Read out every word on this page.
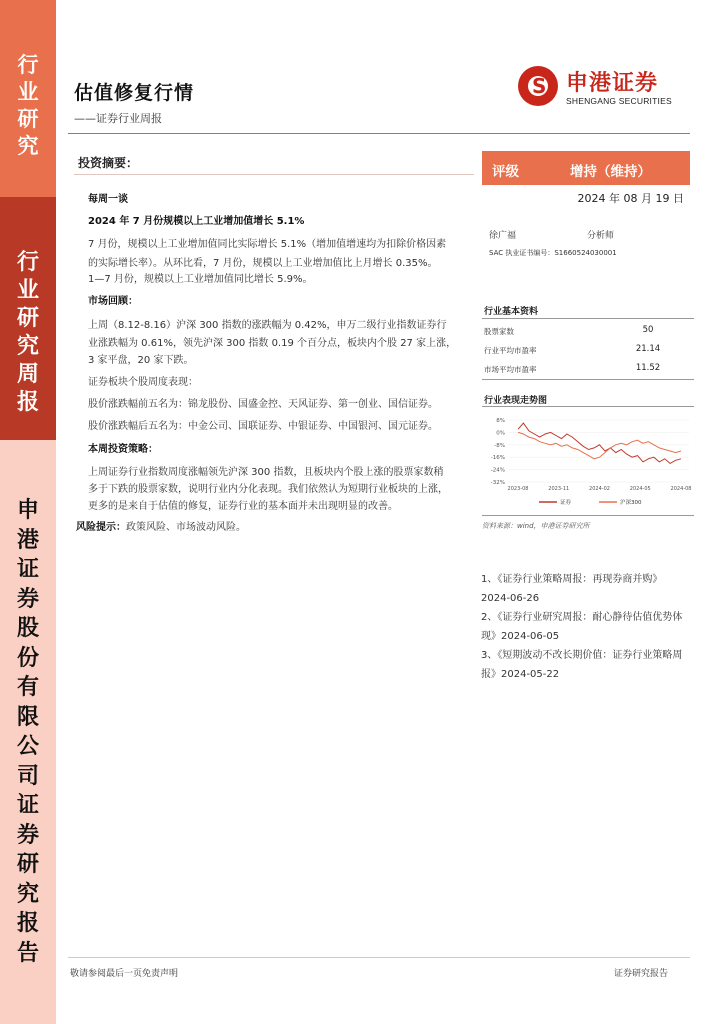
行
业
研
究
行
业
研
究
周
报
申
港
证
券
股
份
有
限
公
司
证
券
研
究
报
告
估值修复行情
——证券行业周报
S 申港证券
SHENGANG SECURITIES
投资摘要：
每周一谈
2024 年 7 月份规模以上工业增加值增长 5.1%
7 月份，规模以上工业增加值同比实际增长 5.1%（增加值增速均为扣除价格因素
的实际增长率）。从环比看，7 月份，规模以上工业增加值比上月增长 0.35%。
1—7 月份，规模以上工业增加值同比增长 5.9%。
市场回顾：
上周（8.12-8.16）沪深 300 指数的涨跌幅为 0.42%，申万二级行业指数证券行
业涨跌幅为 0.61%，领先沪深 300 指数 0.19 个百分点，板块内个股 27 家上涨，
3 家平盘，20 家下跌。
证券板块个股周度表现：
股价涨跌幅前五名为：锦龙股份、国盛金控、天风证券、第一创业、国信证券。
股价涨跌幅后五名为：中金公司、国联证券、中银证券、中国银河、国元证券。
本周投资策略：
上周证券行业指数周度涨幅领先沪深 300 指数，且板块内个股上涨的股票家数稍
多于下跌的股票家数，说明行业内分化表现。我们依然认为短期行业板块的上涨，
更多的是来自于估值的修复，证券行业的基本面并未出现明显的改善。
风险提示：政策风险、市场波动风险。
评级	增持（维持）
2024 年 08 月 19 日
徐广福	分析师
SAC 执业证书编号：S1660524030001
行业基本资料
股票家数	50
行业平均市盈率	21.14
市场平均市盈率	11.52
行业表现走势图
8%
0%
-8%
-16%
-24%
-32%
2023-08	2023-11	2024-02	2024-05	2024-08
证券	沪深300
资料来源：wind，申港证券研究所
1、《证券行业策略周报：再现券商并购》2024-06-26
2、《证券行业研究周报：耐心静待估值优势体现》2024-06-05
3、《短期波动不改长期价值：证券行业策略周报》2024-05-22
敬请参阅最后一页免责声明	证券研究报告
